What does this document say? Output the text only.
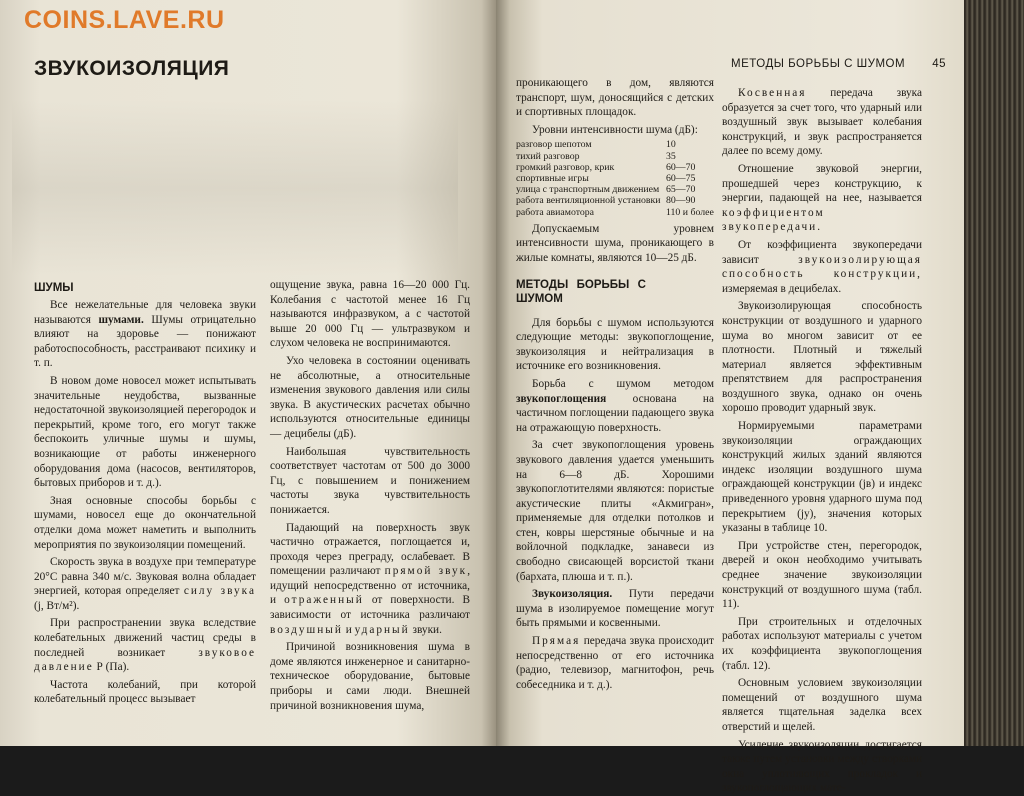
COINS.LAVE.RU
ЗВУКОИЗОЛЯЦИЯ

ШУМЫ

Все нежелательные для человека звуки называются шумами. Шумы отрицательно влияют на здоровье — понижают работоспособность, расстраивают психику и т. п.

В новом доме новосел может испытывать значительные неудобства, вызванные недостаточной звукоизоляцией перегородок и перекрытий, кроме того, его могут также беспокоить уличные шумы и шумы, возникающие от работы инженерного оборудования дома (насосов, вентиляторов, бытовых приборов и т. д.).

Зная основные способы борьбы с шумами, новосел еще до окончательной отделки дома может наметить и выполнить мероприятия по звукоизоляции помещений.

Скорость звука в воздухе при температуре 20°С равна 340 м/с. Звуковая волна обладает энергией, которая определяет силу звука (j, Вт/м²).

При распространении звука вследствие колебательных движений частиц среды в последней возникает звуковое давление Р (Па).

Частота колебаний, при которой колебательный процесс вызывает

ощущение звука, равна 16—20 000 Гц. Колебания с частотой менее 16 Гц называются инфразвуком, а с частотой выше 20 000 Гц — ультразвуком и слухом человека не воспринимаются.

Ухо человека в состоянии оценивать не абсолютные, а относительные изменения звукового давления или силы звука. В акустических расчетах обычно используются относительные единицы — децибелы (дБ).

Наибольшая чувствительность соответствует частотам от 500 до 3000 Гц, с повышением и понижением частоты звука чувствительность понижается.

Падающий на поверхность звук частично отражается, поглощается и, проходя через преграду, ослабевает. В помещении различают прямой звук, идущий непосредственно от источника, и отраженный от поверхности. В зависимости от источника различают воздушный и ударный звуки.

Причиной возникновения шума в доме являются инженерное и санитарно-техническое оборудование, бытовые приборы и сами люди. Внешней причиной возникновения шума,

МЕТОДЫ БОРЬБЫ С ШУМОМ 45

проникающего в дом, являются транспорт, шум, доносящийся с детских и спортивных площадок.

Уровни интенсивности шума (дБ):

разговор шепотом	10
тихий разговор	35
громкий разговор, крик	60—70
спортивные игры	60—75
улица с транспортным движением 65—70
работа вентиляционной установки 80—90
работа авиамотора	110 и более

Допускаемым уровнем интенсивности шума, проникающего в жилые комнаты, являются 10—25 дБ.

МЕТОДЫ БОРЬБЫ С ШУМОМ

Для борьбы с шумом используются следующие методы: звукопоглощение, звукоизоляция и нейтрализация в источнике его возникновения.

Борьба с шумом методом звукопоглощения основана на частичном поглощении падающего звука на отражающую поверхность.

За счет звукопоглощения уровень звукового давления удается уменьшить на 6—8 дБ. Хорошими звукопоглотителями являются: пористые акустические плиты «Акмигран», применяемые для отделки потолков и стен, ковры шерстяные обычные и на войлочной подкладке, занавеси из свободно свисающей ворсистой ткани (бархата, плюша и т. п.).

Звукоизоляция. Пути передачи шума в изолируемое помещение могут быть прямыми и косвенными.

Прямая передача звука происходит непосредственно от его источника (радио, телевизор, магнитофон, речь собеседника и т. д.).

Косвенная передача звука образуется за счет того, что ударный или воздушный звук вызывает колебания конструкций, и звук распространяется далее по всему дому.

Отношение звуковой энергии, прошедшей через конструкцию, к энергии, падающей на нее, называется коэффициентом звукопередачи.

От коэффициента звукопередачи зависит звукоизолирующая способность конструкции, измеряемая в децибелах.

Звукоизолирующая способность конструкции от воздушного и ударного шума во многом зависит от ее плотности. Плотный и тяжелый материал является эффективным препятствием для распространения воздушного звука, однако он очень хорошо проводит ударный звук.

Нормируемыми параметрами звукоизоляции ограждающих конструкций жилых зданий являются индекс изоляции воздушного шума ограждающей конструкции (jв) и индекс приведенного уровня ударного шума под перекрытием (jу), значения которых указаны в таблице 10.

При устройстве стен, перегородок, дверей и окон необходимо учитывать среднее значение звукоизоляции конструкций от воздушного шума (табл. 11).

При строительных и отделочных работах используют материалы с учетом их коэффициента звукопоглощения (табл. 12).

Основным условием звукоизоляции помещений от воздушного шума является тщательная заделка всех отверстий и щелей.

Усиление звукоизоляции достигается также путем установки между створками окна уплотняющих прокладок и звукопоглощающих мате-
